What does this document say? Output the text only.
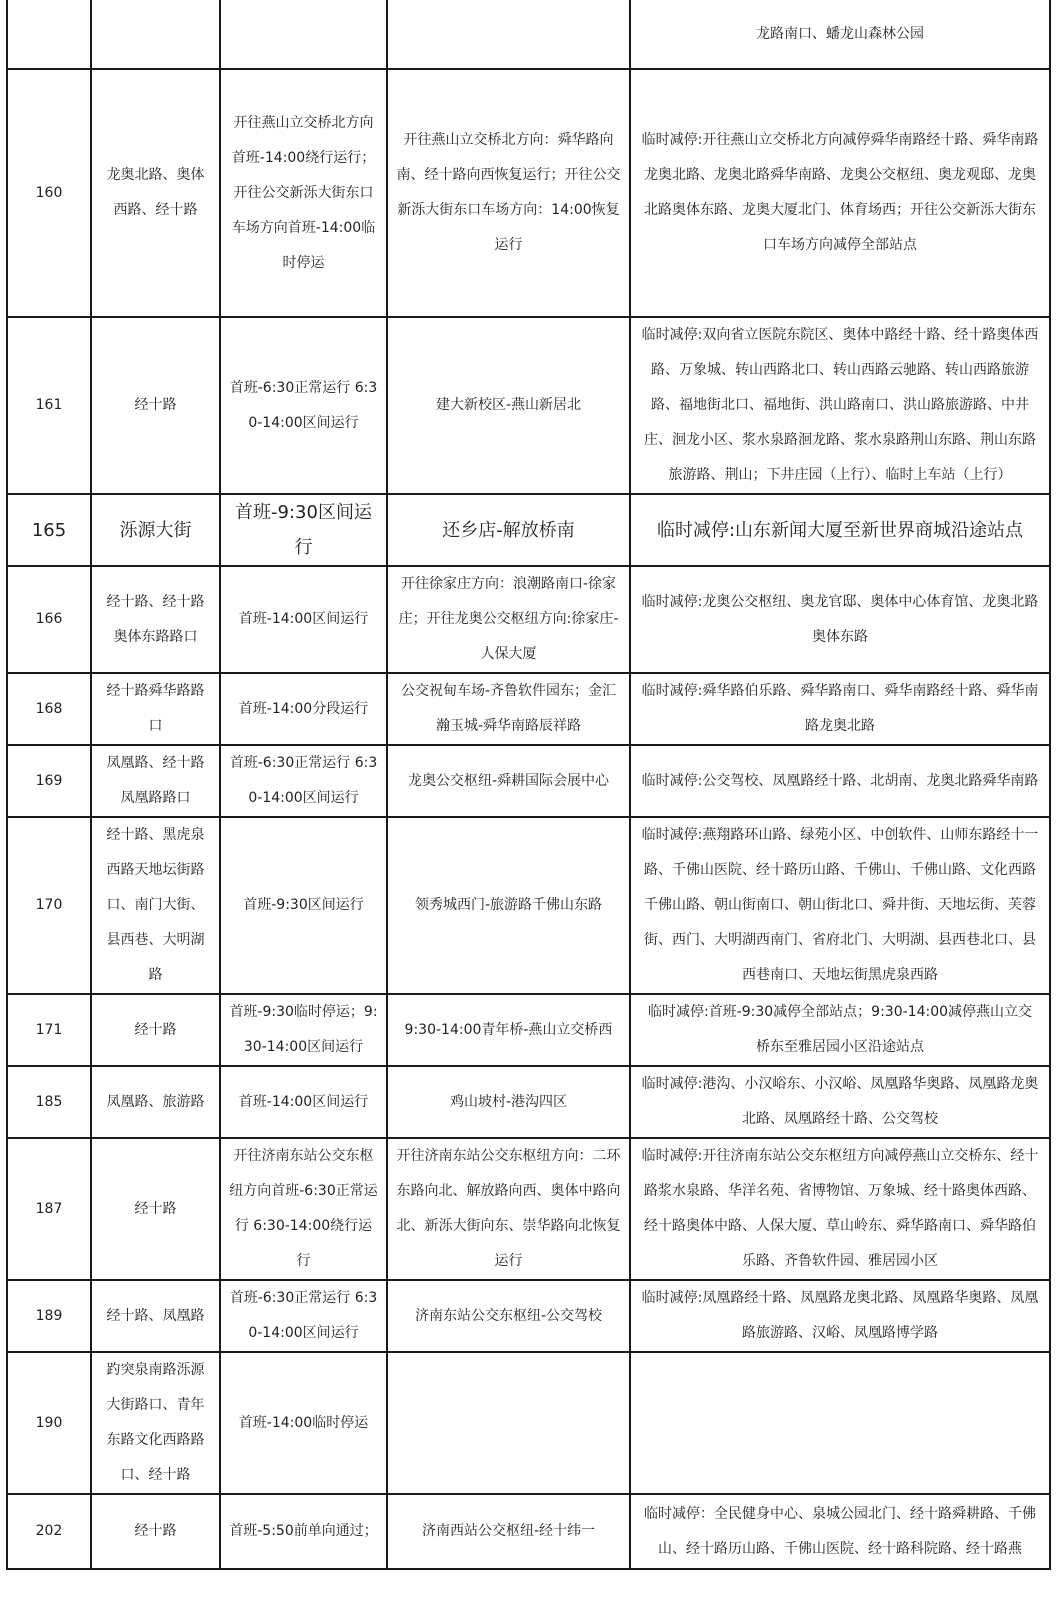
				龙路南口、蟠龙山森林公园
160	龙奥北路、奥体西路、经十路	开往燕山立交桥北方向首班-14:00绕行运行；开往公交新泺大街东口车场方向首班-14:00临时停运	开往燕山立交桥北方向：舜华路向南、经十路向西恢复运行；开往公交新泺大街东口车场方向：14:00恢复运行	临时减停:开往燕山立交桥北方向减停舜华南路经十路、舜华南路龙奥北路、龙奥北路舜华南路、龙奥公交枢纽、奥龙观邸、龙奥北路奥体东路、龙奥大厦北门、体育场西；开往公交新泺大街东口车场方向减停全部站点
161	经十路	首班-6:30正常运行 6:30-14:00区间运行	建大新校区-燕山新居北	临时减停:双向省立医院东院区、奥体中路经十路、经十路奥体西路、万象城、转山西路北口、转山西路云驰路、转山西路旅游路、福地街北口、福地街、洪山路南口、洪山路旅游路、中井庄、洄龙小区、浆水泉路洄龙路、浆水泉路荆山东路、荆山东路旅游路、荆山；下井庄园（上行）、临时上车站（上行）
165	泺源大街	首班-9:30区间运行	还乡店-解放桥南	临时减停:山东新闻大厦至新世界商城沿途站点
166	经十路、经十路奥体东路路口	首班-14:00区间运行	开往徐家庄方向：浪潮路南口-徐家庄；开往龙奥公交枢纽方向:徐家庄-人保大厦	临时减停:龙奥公交枢纽、奥龙官邸、奥体中心体育馆、龙奥北路奥体东路
168	经十路舜华路路口	首班-14:00分段运行	公交祝甸车场-齐鲁软件园东；金汇瀚玉城-舜华南路辰祥路	临时减停:舜华路伯乐路、舜华路南口、舜华南路经十路、舜华南路龙奥北路
169	凤凰路、经十路凤凰路路口	首班-6:30正常运行 6:30-14:00区间运行	龙奥公交枢纽-舜耕国际会展中心	临时减停:公交驾校、凤凰路经十路、北胡南、龙奥北路舜华南路
170	经十路、黑虎泉西路天地坛街路口、南门大街、县西巷、大明湖路	首班-9:30区间运行	领秀城西门-旅游路千佛山东路	临时减停:燕翔路环山路、绿苑小区、中创软件、山师东路经十一路、千佛山医院、经十路历山路、千佛山、千佛山路、文化西路千佛山路、朝山街南口、朝山街北口、舜井街、天地坛街、芙蓉街、西门、大明湖西南门、省府北门、大明湖、县西巷北口、县西巷南口、天地坛街黑虎泉西路
171	经十路	首班-9:30临时停运；9:30-14:00区间运行	9:30-14:00青年桥-燕山立交桥西	临时减停:首班-9:30减停全部站点；9:30-14:00减停燕山立交桥东至雅居园小区沿途站点
185	凤凰路、旅游路	首班-14:00区间运行	鸡山坡村-港沟四区	临时减停:港沟、小汉峪东、小汉峪、凤凰路华奥路、凤凰路龙奥北路、凤凰路经十路、公交驾校
187	经十路	开往济南东站公交东枢纽方向首班-6:30正常运行 6:30-14:00绕行运行	开往济南东站公交东枢纽方向：二环东路向北、解放路向西、奥体中路向北、新泺大街向东、崇华路向北恢复运行	临时减停:开往济南东站公交东枢纽方向减停燕山立交桥东、经十路浆水泉路、华洋名苑、省博物馆、万象城、经十路奥体西路、经十路奥体中路、人保大厦、草山岭东、舜华路南口、舜华路伯乐路、齐鲁软件园、雅居园小区
189	经十路、凤凰路	首班-6:30正常运行 6:30-14:00区间运行	济南东站公交东枢纽-公交驾校	临时减停:凤凰路经十路、凤凰路龙奥北路、凤凰路华奥路、凤凰路旅游路、汉峪、凤凰路博学路
190	趵突泉南路泺源大街路口、青年东路文化西路路口、经十路	首班-14:00临时停运		
202	经十路	首班-5:50前单向通过；	济南西站公交枢纽-经十纬一	临时减停：全民健身中心、泉城公园北门、经十路舜耕路、千佛山、经十路历山路、千佛山医院、经十路科院路、经十路燕
